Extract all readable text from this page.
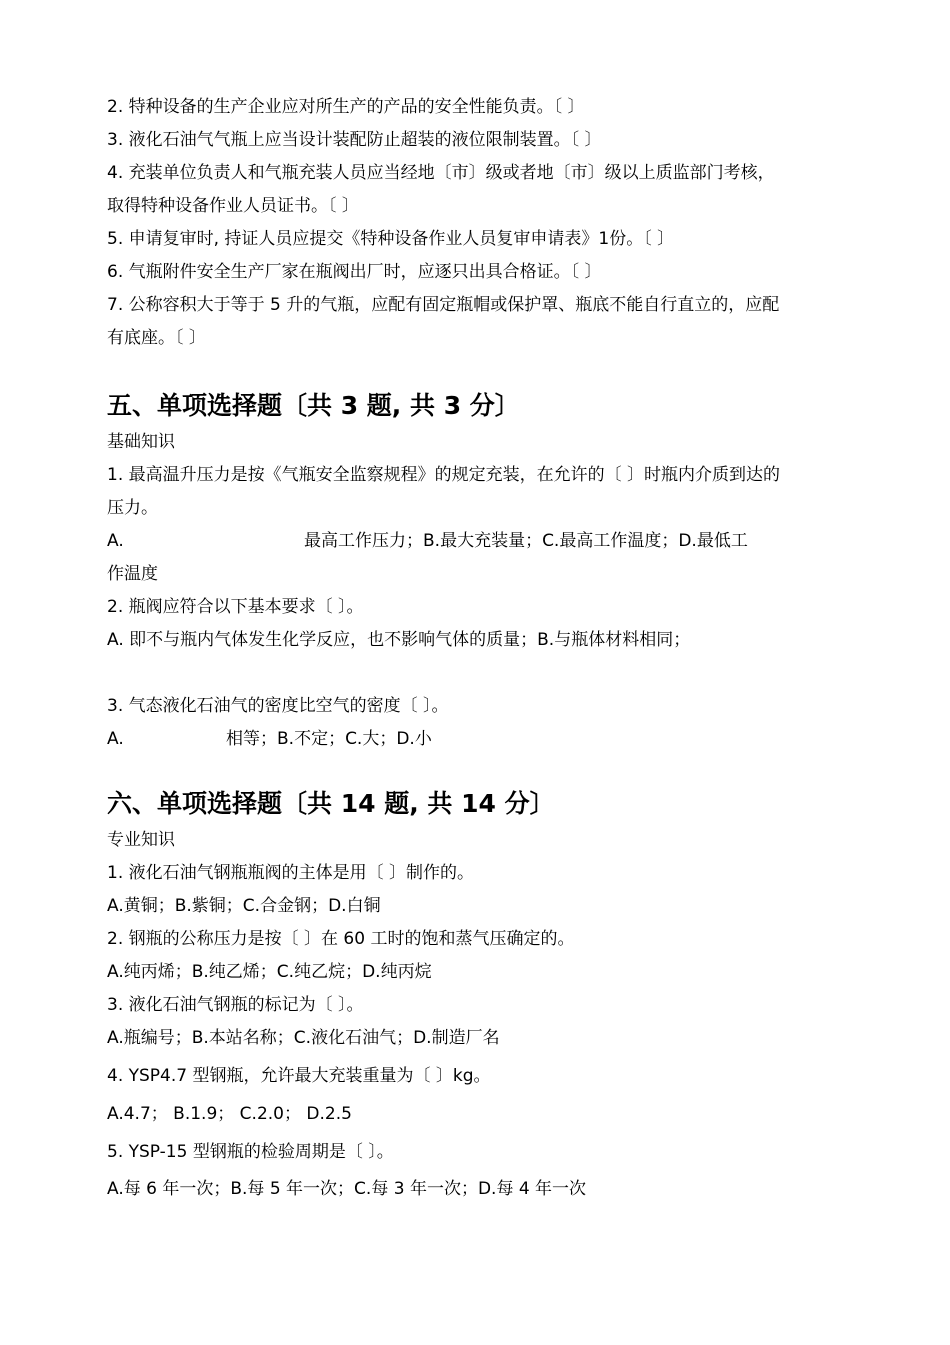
2. 特种设备的生产企业应对所生产的产品的安全性能负责。〔 〕
3. 液化石油气气瓶上应当设计装配防止超装的液位限制装置。〔 〕
4. 充装单位负责人和气瓶充装人员应当经地〔市〕级或者地〔市〕级以上质监部门考核，
取得特种设备作业人员证书。〔 〕
5. 申请复审时, 持证人员应提交《特种设备作业人员复审申请表》1份。〔 〕
6. 气瓶附件安全生产厂家在瓶阀出厂时，应逐只出具合格证。〔 〕
7. 公称容积大于等于 5 升的气瓶，应配有固定瓶帽或保护罩、瓶底不能自行直立的，应配
有底座。〔 〕
五、单项选择题〔共 3 题, 共 3 分〕
基础知识
1. 最高温升压力是按《气瓶安全监察规程》的规定充装，在允许的〔 〕时瓶内介质到达的
压力。
A.	最高工作压力；B.最大充装量；C.最高工作温度；D.最低工
作温度
2. 瓶阀应符合以下基本要求〔 〕。
A. 即不与瓶内气体发生化学反应，也不影响气体的质量；B.与瓶体材料相同；
3. 气态液化石油气的密度比空气的密度〔 〕。
A.	相等；B.不定；C.大；D.小
六、单项选择题〔共 14 题, 共 14 分〕
专业知识
1. 液化石油气钢瓶瓶阀的主体是用〔 〕制作的。
A.黄铜；B.紫铜；C.合金钢；D.白铜
2. 钢瓶的公称压力是按〔 〕在 60 工时的饱和蒸气压确定的。
A.纯丙烯；B.纯乙烯；C.纯乙烷；D.纯丙烷
3. 液化石油气钢瓶的标记为〔 〕。
A.瓶编号；B.本站名称；C.液化石油气；D.制造厂名
4. YSP4.7 型钢瓶，允许最大充装重量为〔 〕kg。
A.4.7； B.1.9； C.2.0； D.2.5
5. YSP-15 型钢瓶的检验周期是〔 〕。
A.每 6 年一次；B.每 5 年一次；C.每 3 年一次；D.每 4 年一次
